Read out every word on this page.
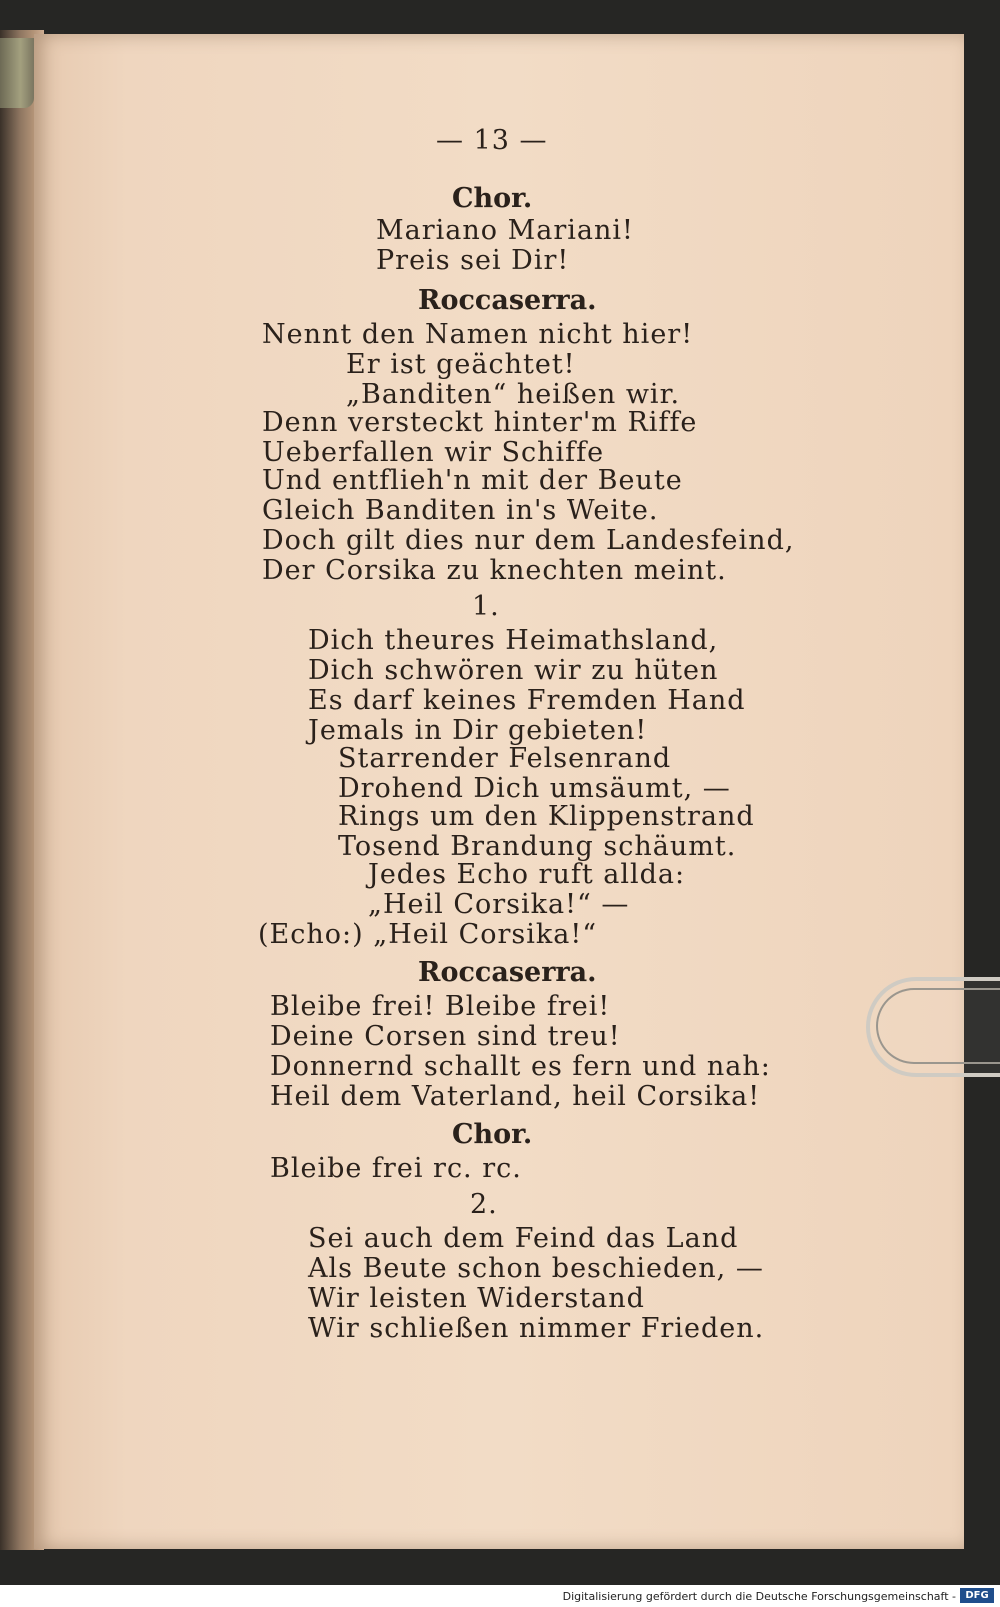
— 13 —
Chor.
Mariano Mariani!
Preis sei Dir!
Roccaserra.
Nennt den Namen nicht hier!
Er ist geächtet!
„Banditen“ heißen wir.
Denn versteckt hinter'm Riffe
Ueberfallen wir Schiffe
Und entflieh'n mit der Beute
Gleich Banditen in's Weite.
Doch gilt dies nur dem Landesfeind,
Der Corsika zu knechten meint.
1.
Dich theures Heimathsland,
Dich schwören wir zu hüten
Es darf keines Fremden Hand
Jemals in Dir gebieten!
Starrender Felsenrand
Drohend Dich umsäumt, —
Rings um den Klippenstrand
Tosend Brandung schäumt.
Jedes Echo ruft allda:
„Heil Corsika!“ —
(Echo:) „Heil Corsika!“
Roccaserra.
Bleibe frei! Bleibe frei!
Deine Corsen sind treu!
Donnernd schallt es fern und nah:
Heil dem Vaterland, heil Corsika!
Chor.
Bleibe frei rc. rc.
2.
Sei auch dem Feind das Land
Als Beute schon beschieden, —
Wir leisten Widerstand
Wir schließen nimmer Frieden.
Digitalisierung gefördert durch die Deutsche Forschungsgemeinschaft - DFG
